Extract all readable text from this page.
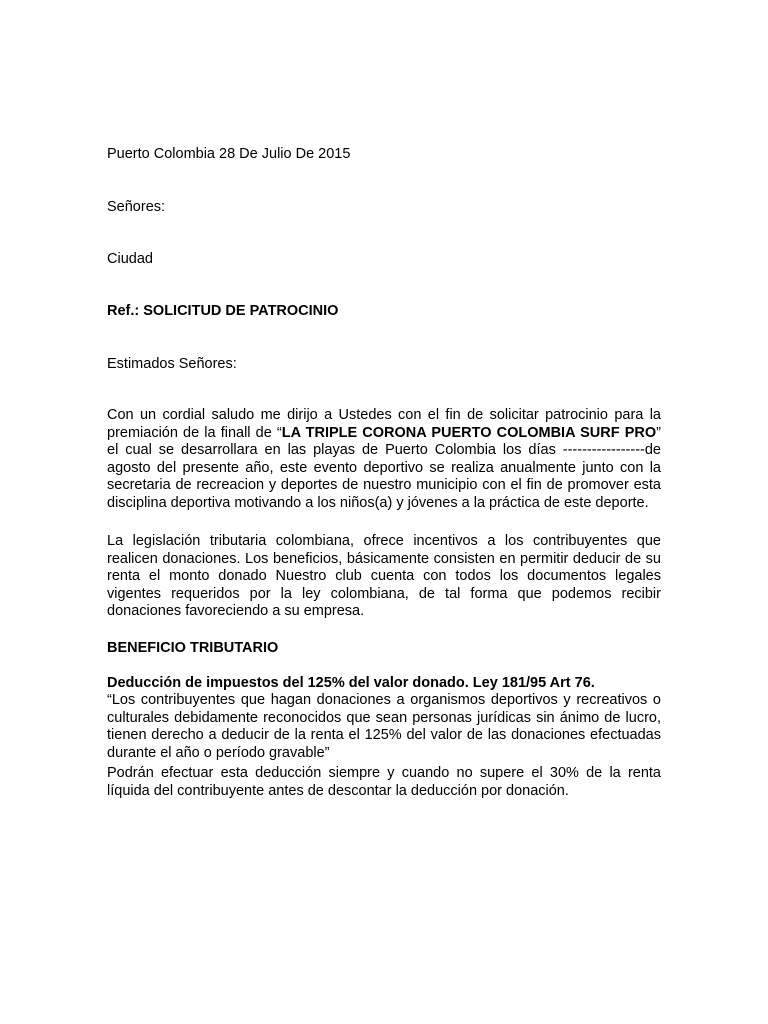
Puerto Colombia 28 De Julio De 2015

Señores:

Ciudad

Ref.: SOLICITUD DE PATROCINIO

Estimados Señores:

Con un cordial saludo me dirijo a Ustedes con el fin de solicitar patrocinio para la premiación de la finall de “LA TRIPLE CORONA PUERTO COLOMBIA SURF PRO” el cual se desarrollara en las playas de Puerto Colombia los días -----------------de agosto del presente año, este evento deportivo se realiza anualmente junto con la secretaria de recreacion y deportes de nuestro municipio con el fin de promover esta disciplina deportiva motivando a los niños(a) y jóvenes a la práctica de este deporte.

La legislación tributaria colombiana, ofrece incentivos a los contribuyentes que realicen donaciones. Los beneficios, básicamente consisten en permitir deducir de su renta el monto donado Nuestro club cuenta con todos los documentos legales vigentes requeridos por la ley colombiana, de tal forma que podemos recibir donaciones favoreciendo a su empresa.

BENEFICIO TRIBUTARIO

Deducción de impuestos del 125% del valor donado. Ley 181/95 Art 76.

“Los contribuyentes que hagan donaciones a organismos deportivos y recreativos o culturales debidamente reconocidos que sean personas jurídicas sin ánimo de lucro, tienen derecho a deducir de la renta el 125% del valor de las donaciones efectuadas durante el año o período gravable”

Podrán efectuar esta deducción siempre y cuando no supere el 30% de la renta líquida del contribuyente antes de descontar la deducción por donación.
